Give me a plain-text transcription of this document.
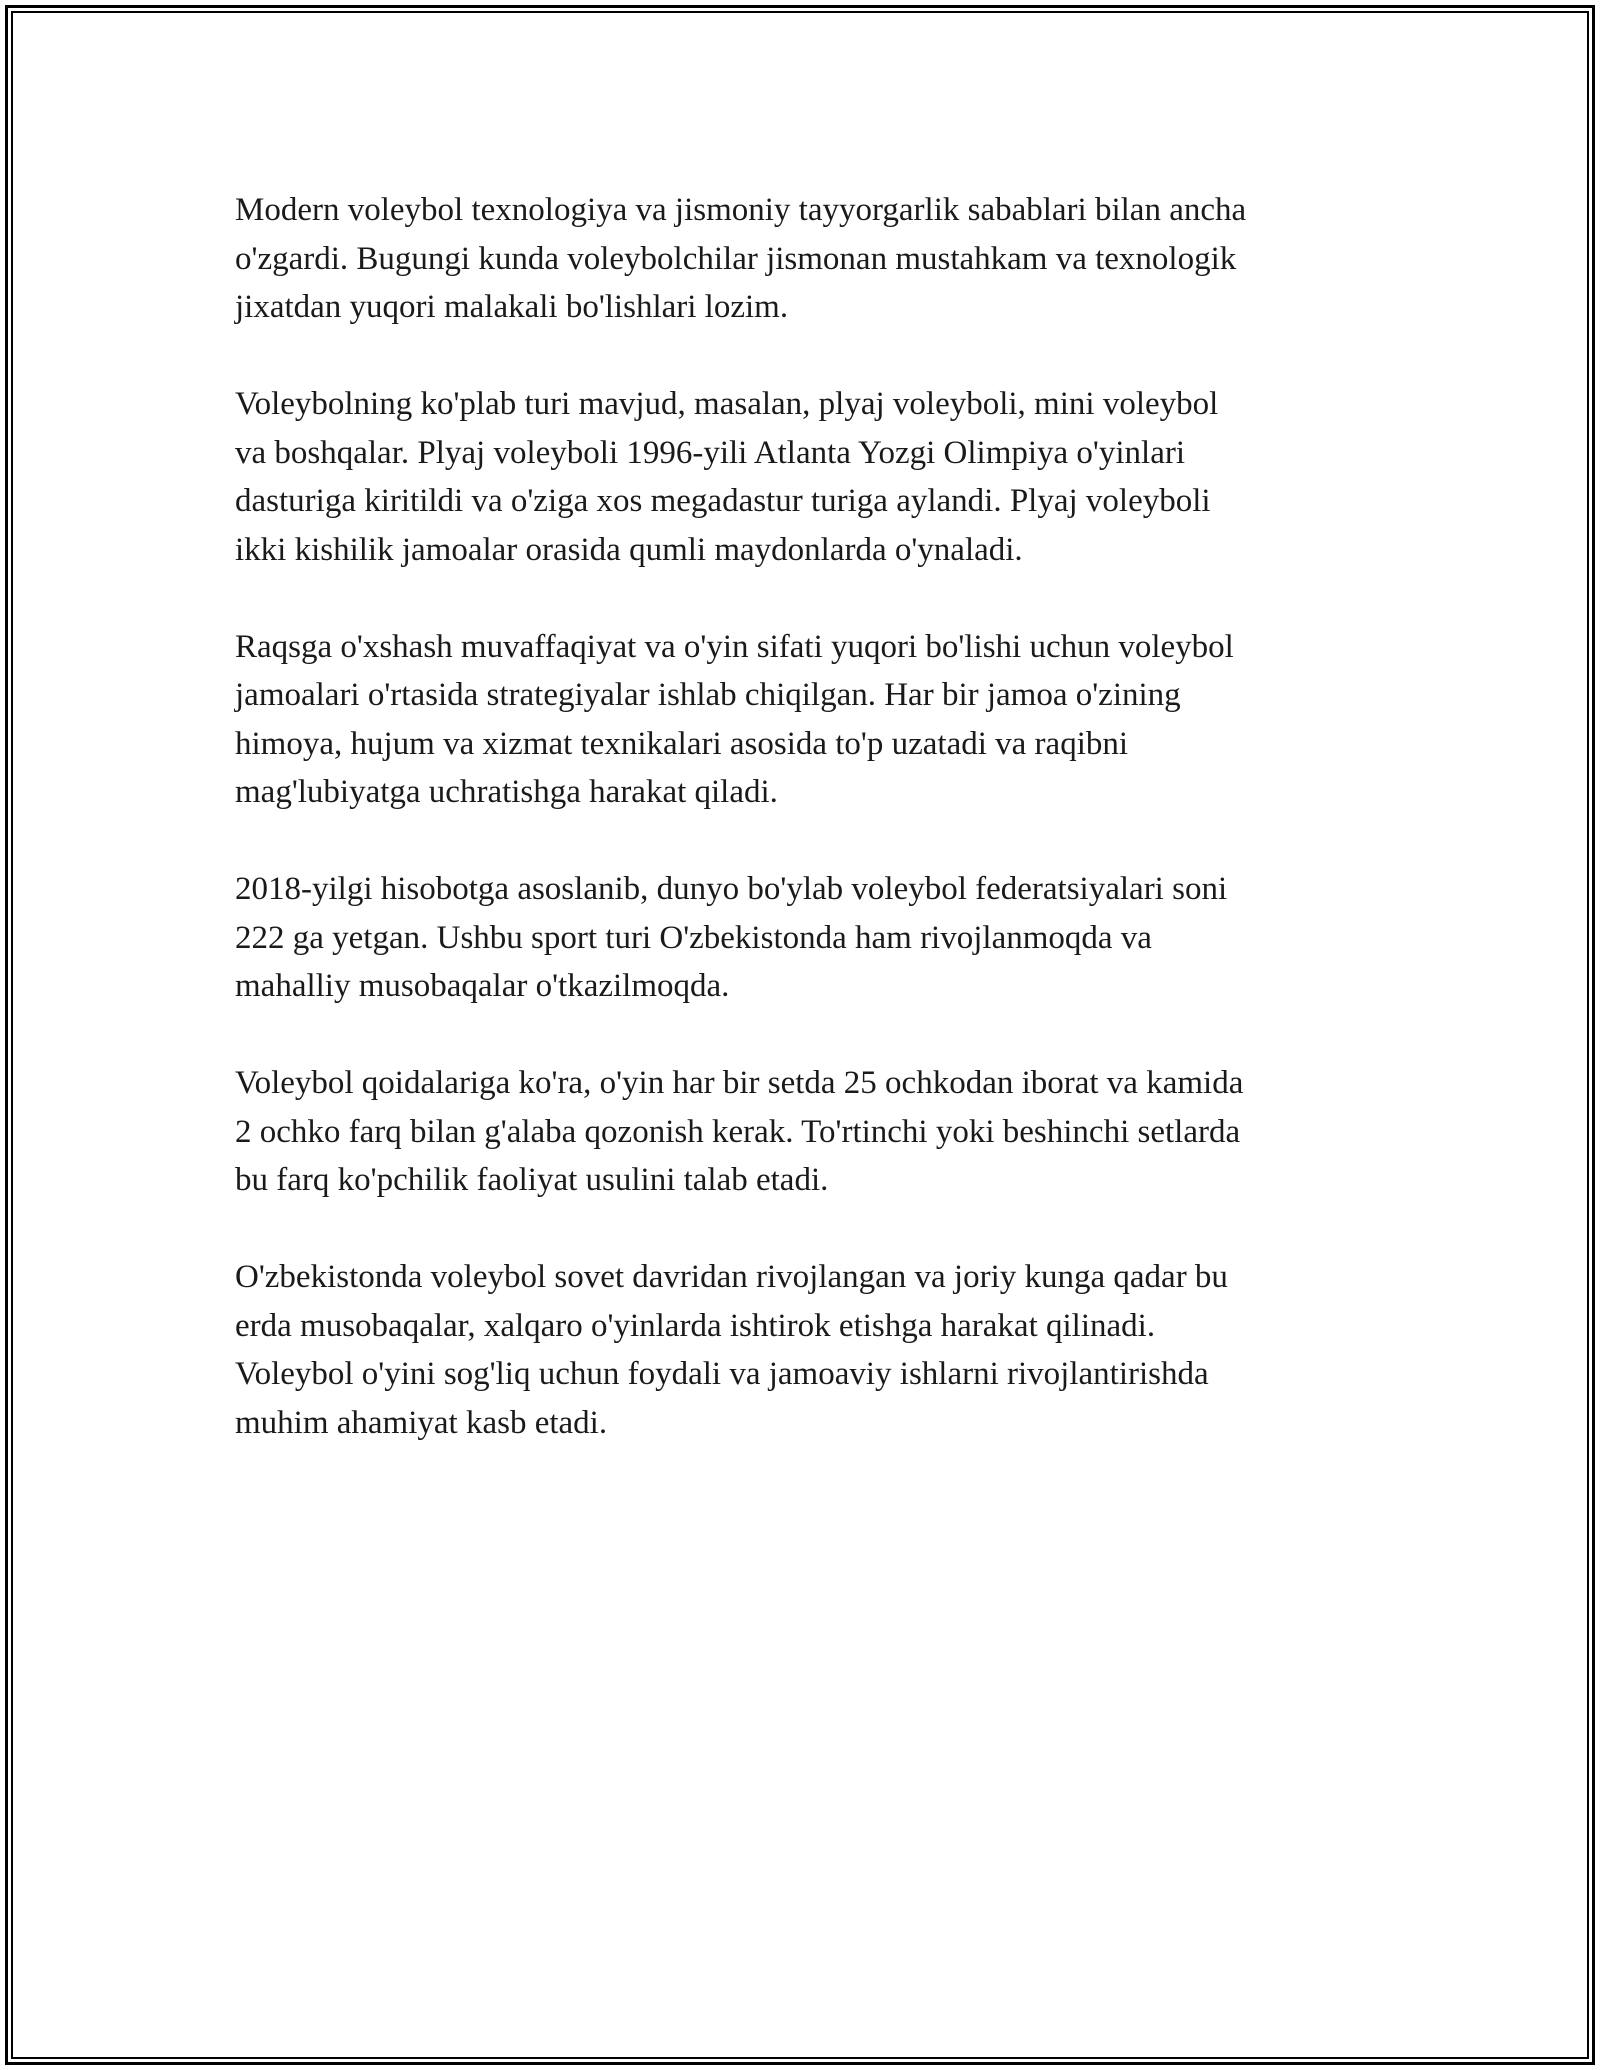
Modern voleybol texnologiya va jismoniy tayyorgarlik sabablari bilan ancha
o'zgardi. Bugungi kunda voleybolchilar jismonan mustahkam va texnologik
jixatdan yuqori malakali bo'lishlari lozim.

Voleybolning ko'plab turi mavjud, masalan, plyaj voleyboli, mini voleybol
va boshqalar. Plyaj voleyboli 1996-yili Atlanta Yozgi Olimpiya o'yinlari
dasturiga kiritildi va o'ziga xos megadastur turiga aylandi. Plyaj voleyboli
ikki kishilik jamoalar orasida qumli maydonlarda o'ynaladi.

Raqsga o'xshash muvaffaqiyat va o'yin sifati yuqori bo'lishi uchun voleybol
jamoalari o'rtasida strategiyalar ishlab chiqilgan. Har bir jamoa o'zining
himoya, hujum va xizmat texnikalari asosida to'p uzatadi va raqibni
mag'lubiyatga uchratishga harakat qiladi.

2018-yilgi hisobotga asoslanib, dunyo bo'ylab voleybol federatsiyalari soni
222 ga yetgan. Ushbu sport turi O'zbekistonda ham rivojlanmoqda va
mahalliy musobaqalar o'tkazilmoqda.

Voleybol qoidalariga ko'ra, o'yin har bir setda 25 ochkodan iborat va kamida
2 ochko farq bilan g'alaba qozonish kerak. To'rtinchi yoki beshinchi setlarda
bu farq ko'pchilik faoliyat usulini talab etadi.

O'zbekistonda voleybol sovet davridan rivojlangan va joriy kunga qadar bu
erda musobaqalar, xalqaro o'yinlarda ishtirok etishga harakat qilinadi.
Voleybol o'yini sog'liq uchun foydali va jamoaviy ishlarni rivojlantirishda
muhim ahamiyat kasb etadi.
